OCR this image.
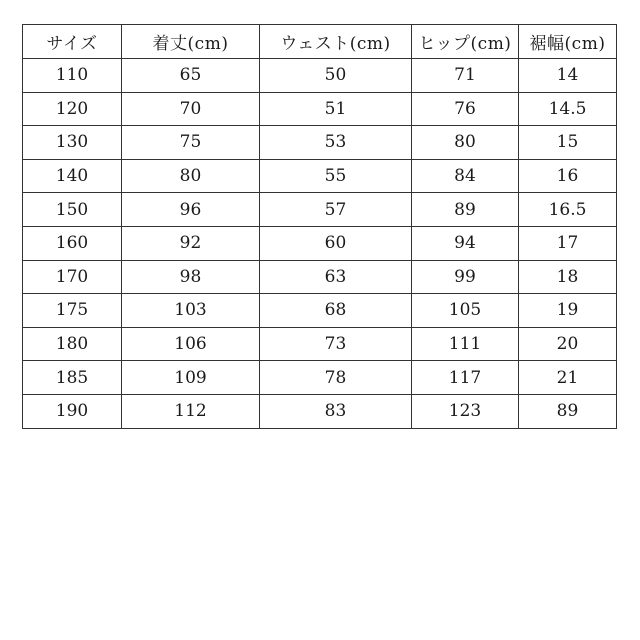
サイズ	着丈(cm)	ウェスト(cm)	ヒップ(cm)	裾幅(cm)
110	65	50	71	14
120	70	51	76	14.5
130	75	53	80	15
140	80	55	84	16
150	96	57	89	16.5
160	92	60	94	17
170	98	63	99	18
175	103	68	105	19
180	106	73	111	20
185	109	78	117	21
190	112	83	123	89
